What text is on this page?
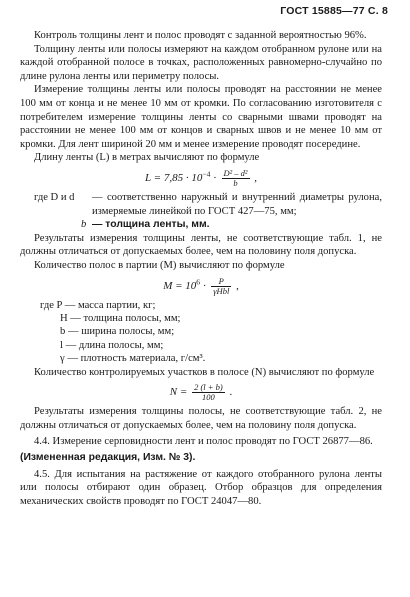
ГОСТ 15885—77 С. 8

Контроль толщины лент и полос проводят с заданной вероятностью 96%.

Толщину ленты или полосы измеряют на каждом отобранном рулоне или на каждой отобранной полосе в точках, расположенных равномерно-случайно по длине рулона ленты или периметру полосы.

Измерение толщины ленты или полосы проводят на расстоянии не менее 100 мм от конца и не менее 10 мм от кромки. По согласованию изготовителя с потребителем измерение толщины ленты со сварными швами проводят на расстоянии не менее 100 мм от концов и сварных швов и не менее 10 мм от кромки. Для лент шириной 20 мм и менее измерение проводят посередине.

Длину ленты (L) в метрах вычисляют по формуле

$L = 7,85 \cdot 10^{-4} \cdot \frac{\text{D² – d²}}{b}$ ,
где D и d	— соответственно наружный и внутренний диаметры рулона, измеряемые линейкой по ГОСТ 427—75, мм;
b — толщина ленты, мм.

Результаты измерения толщины ленты, не соответствующие табл. 1, не должны отличаться от допускаемых более, чем на половину поля допуска.

Количество полос в партии (M) вычисляют по формуле

$M = 10^6 \cdot \frac{P}{\text{γHbl}}$ ,
где P — масса партии, кг;
H — толщина полосы, мм;
b — ширина полосы, мм;
l — длина полосы, мм;
γ — плотность материала, г/см³.

Количество контролируемых участков в полосе (N) вычисляют по формуле

$N = \frac{2 (l + b)}{100}$ .

Результаты измерения толщины полосы, не соответствующие табл. 2, не должны отличаться от допускаемых более, чем на половину поля допуска.

4.4. Измерение серповидности лент и полос проводят по ГОСТ 26877—86.

(Измененная редакция, Изм. № 3).

4.5. Для испытания на растяжение от каждого отобранного рулона ленты или полосы отбирают один образец. Отбор образцов для определения механических свойств проводят по ГОСТ 24047—80.
